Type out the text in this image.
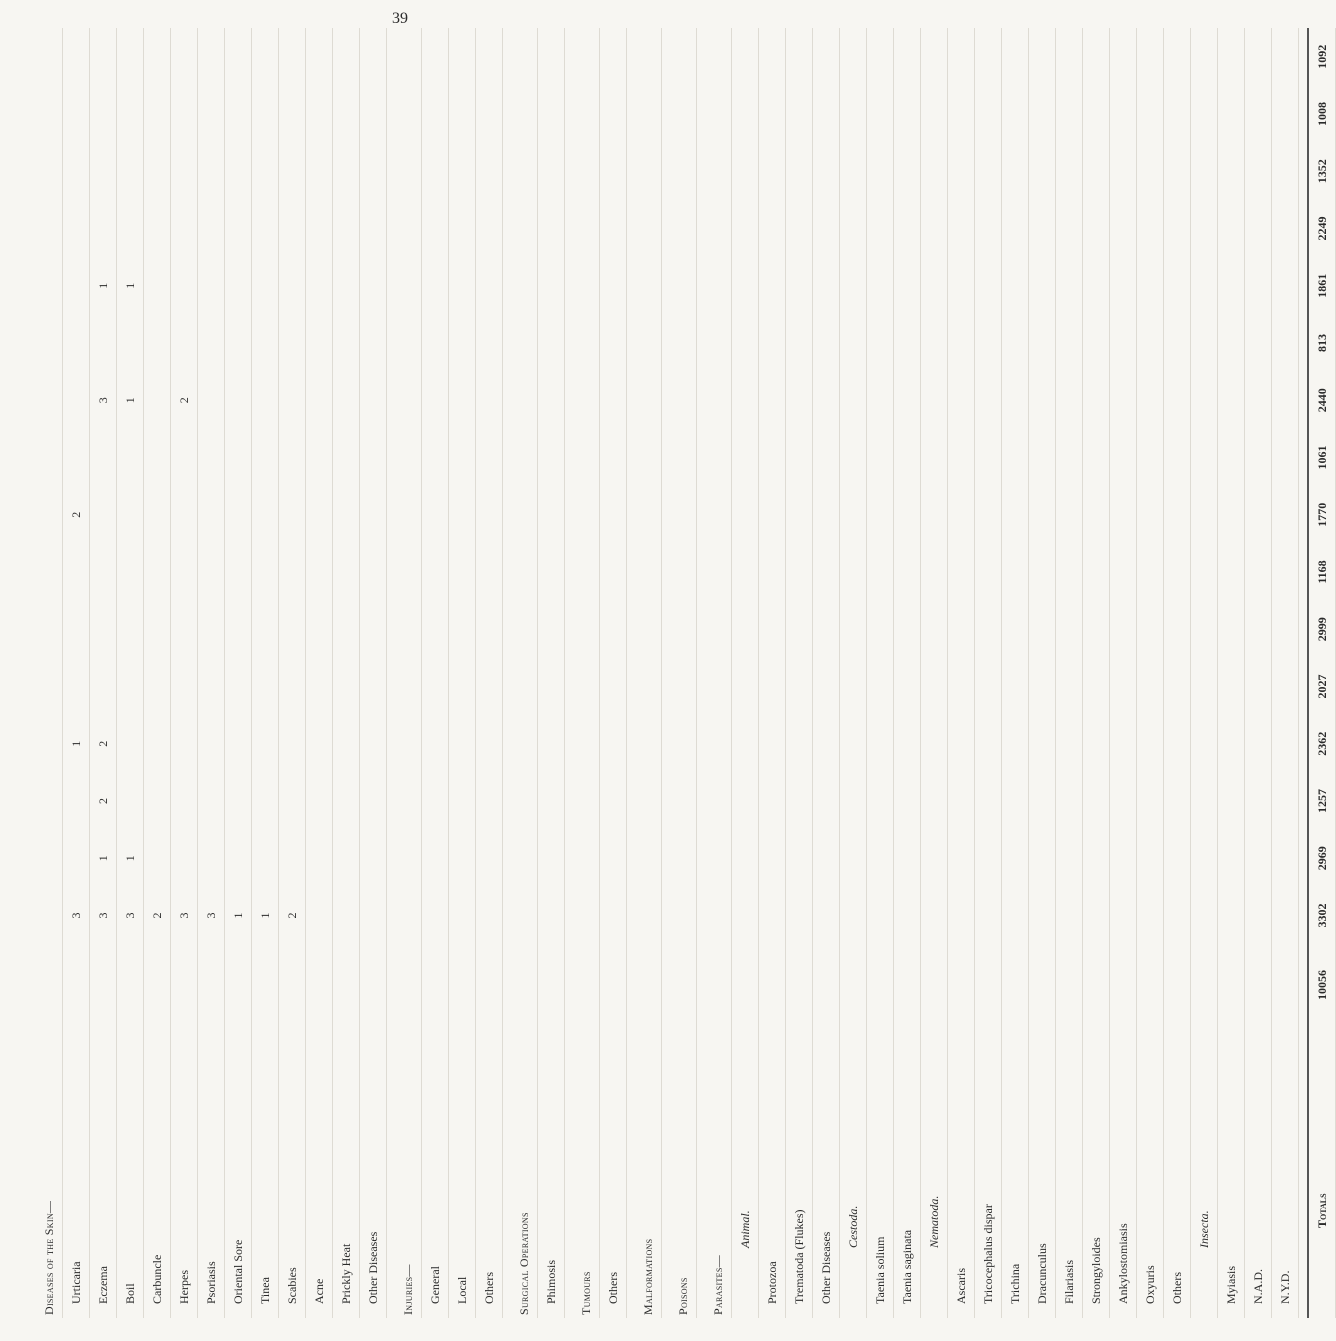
39
Diseases of the Skin—																	
Urticaria		3			1				2								
Eczema		3	1	2	2						3		1				
Boil		3	1								1		1				
Carbuncle		2															
Herpes		3									2						
Psoriasis		3															
Oriental Sore		1															
Tinea		1															
Scabies		2															
Acne																	
Prickly Heat																	
Other Diseases																	

Injuries—																	
General																	
Local																	
Others																	

Surgical Operations																	
Phimosis																	

Tumours																	
Others																	

Malformations																	

Poisons																	

Parasites—																	
Animal.																	
Protozoa																	
Trematoda (Flukes)																	
Other Diseases																	
Cestoda.																	
Taenia solium																	
Taenia saginata																	
Nematoda.																	
Ascaris																	
Tricocephalus dispar																	
Trichina																	
Dracunculus																	
Filariasis																	
Strongyloides																	
Ankylostomiasis																	
Oxyuris																	
Others																	
Insecta.																	
Myiasis																	
N.A.D.																	
N.Y.D.																	

Totals	10056	3302	2969	1257	2362	2027	2999	1168	1770	1061	2440	813	1861	2249	1352	1008	1092
